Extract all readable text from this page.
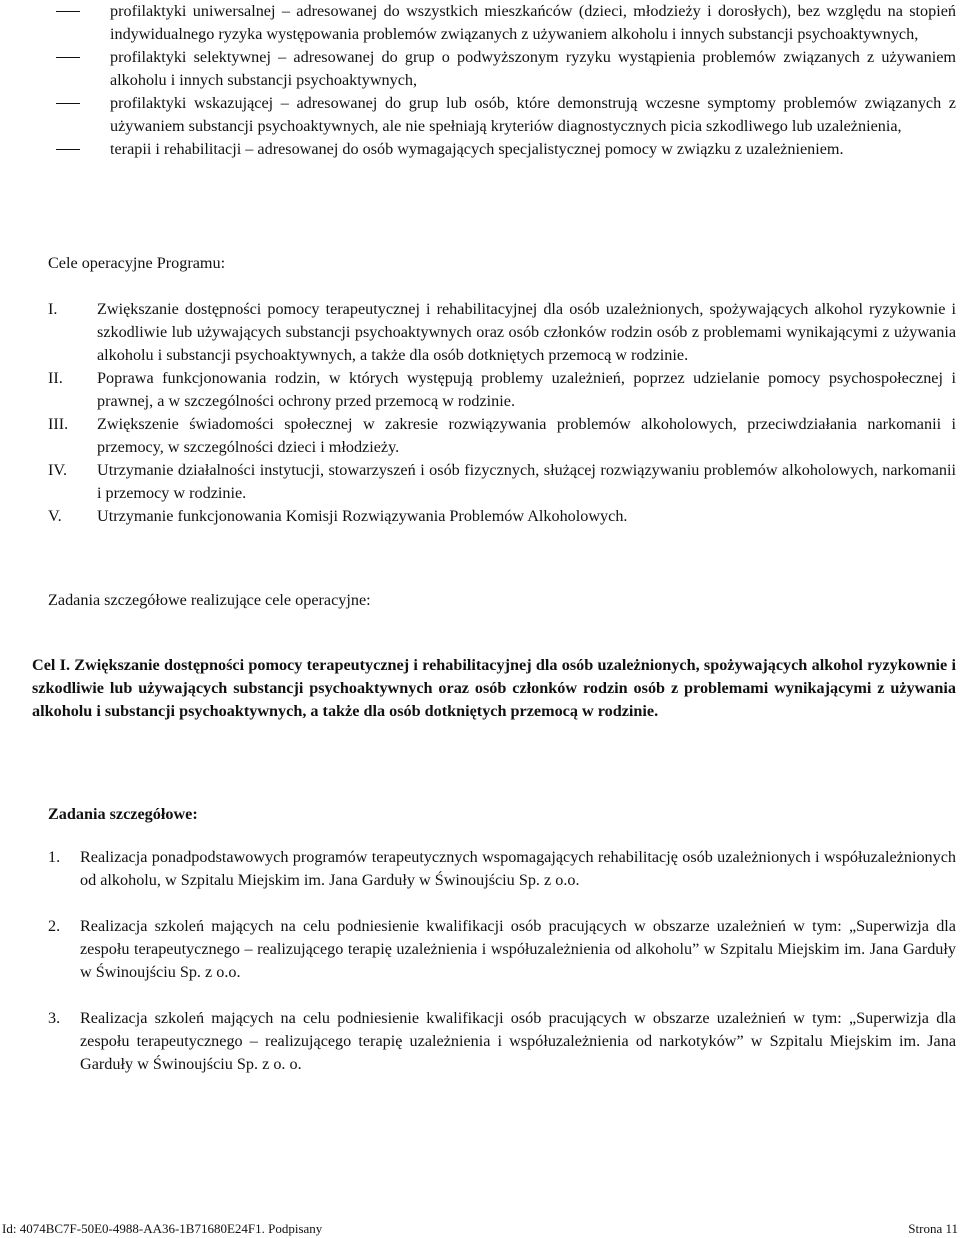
profilaktyki uniwersalnej – adresowanej do wszystkich mieszkańców (dzieci, młodzieży i dorosłych), bez względu na stopień indywidualnego ryzyka występowania problemów związanych z używaniem alkoholu i innych substancji psychoaktywnych,
profilaktyki selektywnej – adresowanej do grup o podwyższonym ryzyku wystąpienia problemów związanych z używaniem alkoholu i innych substancji psychoaktywnych,
profilaktyki wskazującej – adresowanej do grup lub osób, które demonstrują wczesne symptomy problemów związanych z używaniem substancji psychoaktywnych, ale nie spełniają kryteriów diagnostycznych picia szkodliwego lub uzależnienia,
terapii i rehabilitacji – adresowanej do osób wymagających specjalistycznej pomocy w związku z uzależnieniem.
Cele operacyjne Programu:
I. Zwiększanie dostępności pomocy terapeutycznej i rehabilitacyjnej dla osób uzależnionych, spożywających alkohol ryzykownie i szkodliwie lub używających substancji psychoaktywnych oraz osób członków rodzin osób z problemami wynikającymi z używania alkoholu i substancji psychoaktywnych, a także dla osób dotkniętych przemocą w rodzinie.
II. Poprawa funkcjonowania rodzin, w których występują problemy uzależnień, poprzez udzielanie pomocy psychospołecznej i prawnej, a w szczególności ochrony przed przemocą w rodzinie.
III. Zwiększenie świadomości społecznej w zakresie rozwiązywania problemów alkoholowych, przeciwdziałania narkomanii i przemocy, w szczególności dzieci i młodzieży.
IV. Utrzymanie działalności instytucji, stowarzyszeń i osób fizycznych, służącej rozwiązywaniu problemów alkoholowych, narkomanii i przemocy w rodzinie.
V. Utrzymanie funkcjonowania Komisji Rozwiązywania Problemów Alkoholowych.
Zadania szczegółowe realizujące cele operacyjne:
Cel I. Zwiększanie dostępności pomocy terapeutycznej i rehabilitacyjnej dla osób uzależnionych, spożywających alkohol ryzykownie i szkodliwie lub używających substancji psychoaktywnych oraz osób członków rodzin osób z problemami wynikającymi z używania alkoholu i substancji psychoaktywnych, a także dla osób dotkniętych przemocą w rodzinie.
Zadania szczegółowe:
1. Realizacja ponadpodstawowych programów terapeutycznych wspomagających rehabilitację osób uzależnionych i współuzależnionych od alkoholu, w Szpitalu Miejskim im. Jana Garduły w Świnoujściu Sp. z o.o.
2. Realizacja szkoleń mających na celu podniesienie kwalifikacji osób pracujących w obszarze uzależnień w tym: „Superwizja dla zespołu terapeutycznego – realizującego terapię uzależnienia i współuzależnienia od alkoholu” w Szpitalu Miejskim im. Jana Garduły w Świnoujściu Sp. z o.o.
3. Realizacja szkoleń mających na celu podniesienie kwalifikacji osób pracujących w obszarze uzależnień w tym: „Superwizja dla zespołu terapeutycznego – realizującego terapię uzależnienia i współuzależnienia od narkotyków” w Szpitalu Miejskim im. Jana Garduły w Świnoujściu Sp. z o. o.
Id: 4074BC7F-50E0-4988-AA36-1B71680E24F1. Podpisany	Strona 11
